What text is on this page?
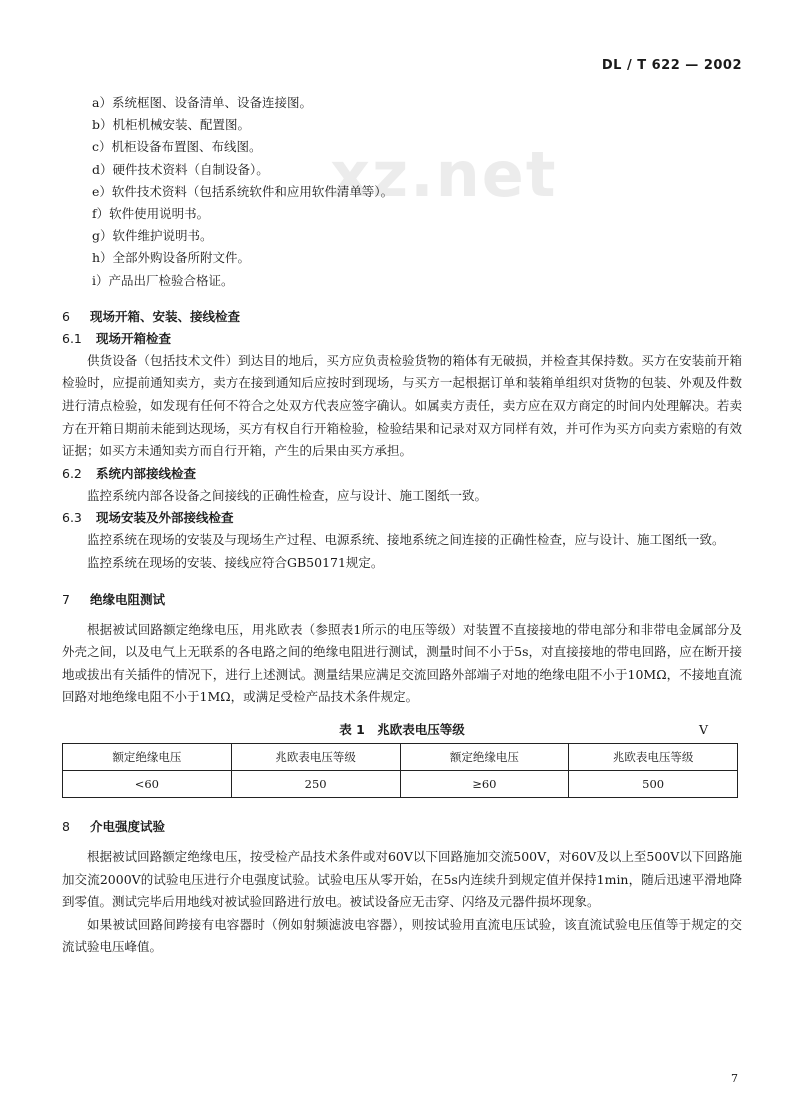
DL / T 622 — 2002
xz.net
a）系统框图、设备清单、设备连接图。
b）机柜机械安装、配置图。
c）机柜设备布置图、布线图。
d）硬件技术资料（自制设备）。
e）软件技术资料（包括系统软件和应用软件清单等）。
f）软件使用说明书。
g）软件维护说明书。
h）全部外购设备所附文件。
i）产品出厂检验合格证。
6 现场开箱、安装、接线检查
6.1 现场开箱检查

供货设备（包括技术文件）到达目的地后，买方应负责检验货物的箱体有无破损，并检查其保持数。买方在安装前开箱检验时，应提前通知卖方，卖方在接到通知后应按时到现场，与买方一起根据订单和装箱单组织对货物的包装、外观及件数进行清点检验，如发现有任何不符合之处双方代表应签字确认。如属卖方责任，卖方应在双方商定的时间内处理解决。若卖方在开箱日期前未能到达现场，买方有权自行开箱检验，检验结果和记录对双方同样有效，并可作为买方向卖方索赔的有效证据；如买方未通知卖方而自行开箱，产生的后果由买方承担。

6.2 系统内部接线检查

监控系统内部各设备之间接线的正确性检查，应与设计、施工图纸一致。

6.3 现场安装及外部接线检查

监控系统在现场的安装及与现场生产过程、电源系统、接地系统之间连接的正确性检查，应与设计、施工图纸一致。

监控系统在现场的安装、接线应符合GB50171规定。

7 绝缘电阻测试

根据被试回路额定绝缘电压，用兆欧表（参照表1所示的电压等级）对装置不直接接地的带电部分和非带电金属部分及外壳之间，以及电气上无联系的各电路之间的绝缘电阻进行测试，测量时间不小于5s，对直接接地的带电回路，应在断开接地或拔出有关插件的情况下，进行上述测试。测量结果应满足交流回路外部端子对地的绝缘电阻不小于10MΩ，不接地直流回路对地绝缘电阻不小于1MΩ，或满足受检产品技术条件规定。

表 1　兆欧表电压等级	V
额定绝缘电压	兆欧表电压等级	额定绝缘电压	兆欧表电压等级
<60	250	≥60	500
8 介电强度试验

根据被试回路额定绝缘电压，按受检产品技术条件或对60V以下回路施加交流500V，对60V及以上至500V以下回路施加交流2000V的试验电压进行介电强度试验。试验电压从零开始，在5s内连续升到规定值并保持1min，随后迅速平滑地降到零值。测试完毕后用地线对被试验回路进行放电。被试设备应无击穿、闪络及元器件损坏现象。

如果被试回路间跨接有电容器时（例如射频滤波电容器），则按试验用直流电压试验，该直流试验电压值等于规定的交流试验电压峰值。

7
